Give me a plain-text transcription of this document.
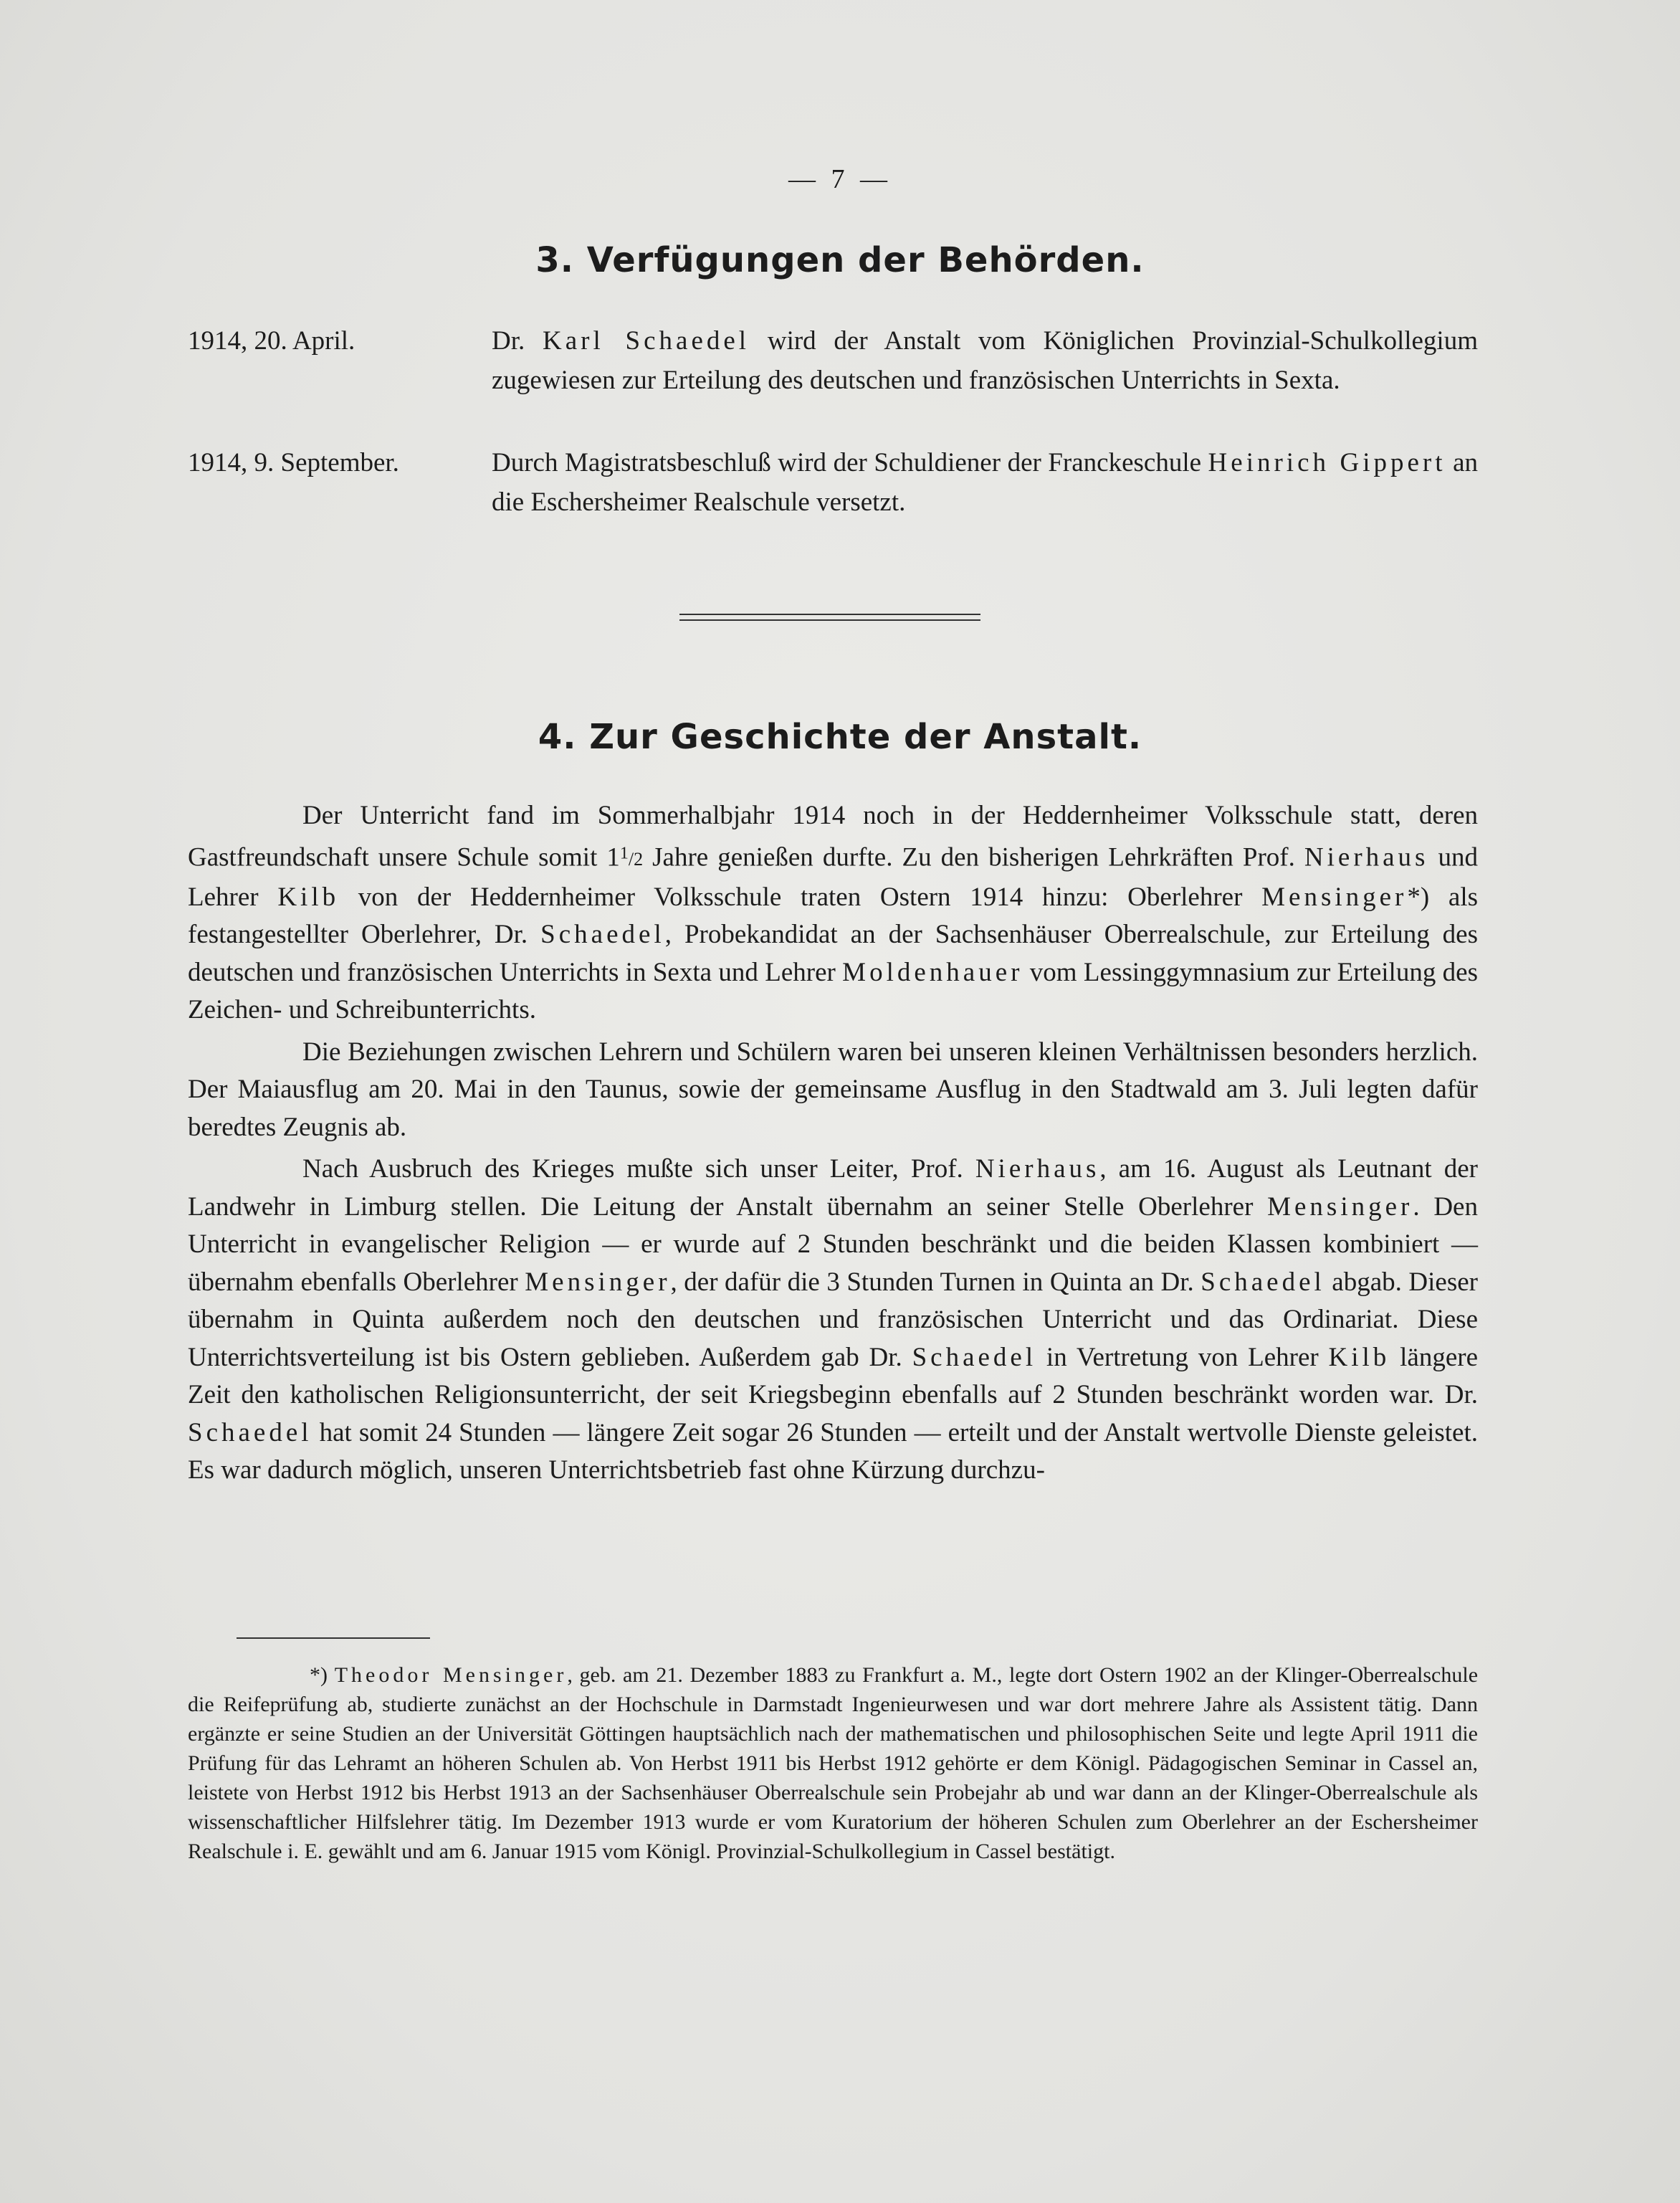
— 7 —
3. Verfügungen der Behörden.
1914, 20. April.	Dr. Karl Schaedel wird der Anstalt vom Königlichen Provinzial-Schulkollegium zugewiesen zur Erteilung des deutschen und französischen Unterrichts in Sexta.
1914, 9. September.	Durch Magistratsbeschluß wird der Schuldiener der Franckeschule Heinrich Gippert an die Eschersheimer Realschule versetzt.
4. Zur Geschichte der Anstalt.

Der Unterricht fand im Sommerhalbjahr 1914 noch in der Heddernheimer Volksschule statt, deren Gastfreundschaft unsere Schule somit $1^1/2$ Jahre genießen durfte. Zu den bisherigen Lehrkräften Prof. Nierhaus und Lehrer Kilb von der Heddernheimer Volksschule traten Ostern 1914 hinzu: Oberlehrer Mensinger*) als festangestellter Oberlehrer, Dr. Schaedel, Probekandidat an der Sachsenhäuser Oberrealschule, zur Erteilung des deutschen und französischen Unterrichts in Sexta und Lehrer Moldenhauer vom Lessinggymnasium zur Erteilung des Zeichen- und Schreibunterrichts.

Die Beziehungen zwischen Lehrern und Schülern waren bei unseren kleinen Verhältnissen besonders herzlich. Der Maiausflug am 20. Mai in den Taunus, sowie der gemeinsame Ausflug in den Stadtwald am 3. Juli legten dafür beredtes Zeugnis ab.

Nach Ausbruch des Krieges mußte sich unser Leiter, Prof. Nierhaus, am 16. August als Leutnant der Landwehr in Limburg stellen. Die Leitung der Anstalt übernahm an seiner Stelle Oberlehrer Mensinger. Den Unterricht in evangelischer Religion — er wurde auf 2 Stunden beschränkt und die beiden Klassen kombiniert — übernahm ebenfalls Oberlehrer Mensinger, der dafür die 3 Stunden Turnen in Quinta an Dr. Schaedel abgab. Dieser übernahm in Quinta außerdem noch den deutschen und französischen Unterricht und das Ordinariat. Diese Unterrichtsverteilung ist bis Ostern geblieben. Außerdem gab Dr. Schaedel in Vertretung von Lehrer Kilb längere Zeit den katholischen Religionsunterricht, der seit Kriegsbeginn ebenfalls auf 2 Stunden beschränkt worden war. Dr. Schaedel hat somit 24 Stunden — längere Zeit sogar 26 Stunden — erteilt und der Anstalt wertvolle Dienste geleistet. Es war dadurch möglich, unseren Unterrichtsbetrieb fast ohne Kürzung durchzu-

*) Theodor Mensinger, geb. am 21. Dezember 1883 zu Frankfurt a. M., legte dort Ostern 1902 an der Klinger-Oberrealschule die Reifeprüfung ab, studierte zunächst an der Hochschule in Darmstadt Ingenieurwesen und war dort mehrere Jahre als Assistent tätig. Dann ergänzte er seine Studien an der Universität Göttingen hauptsächlich nach der mathematischen und philosophischen Seite und legte April 1911 die Prüfung für das Lehramt an höheren Schulen ab. Von Herbst 1911 bis Herbst 1912 gehörte er dem Königl. Pädagogischen Seminar in Cassel an, leistete von Herbst 1912 bis Herbst 1913 an der Sachsenhäuser Oberrealschule sein Probejahr ab und war dann an der Klinger-Oberrealschule als wissenschaftlicher Hilfslehrer tätig. Im Dezember 1913 wurde er vom Kuratorium der höheren Schulen zum Oberlehrer an der Eschersheimer Realschule i. E. gewählt und am 6. Januar 1915 vom Königl. Provinzial-Schulkollegium in Cassel bestätigt.
